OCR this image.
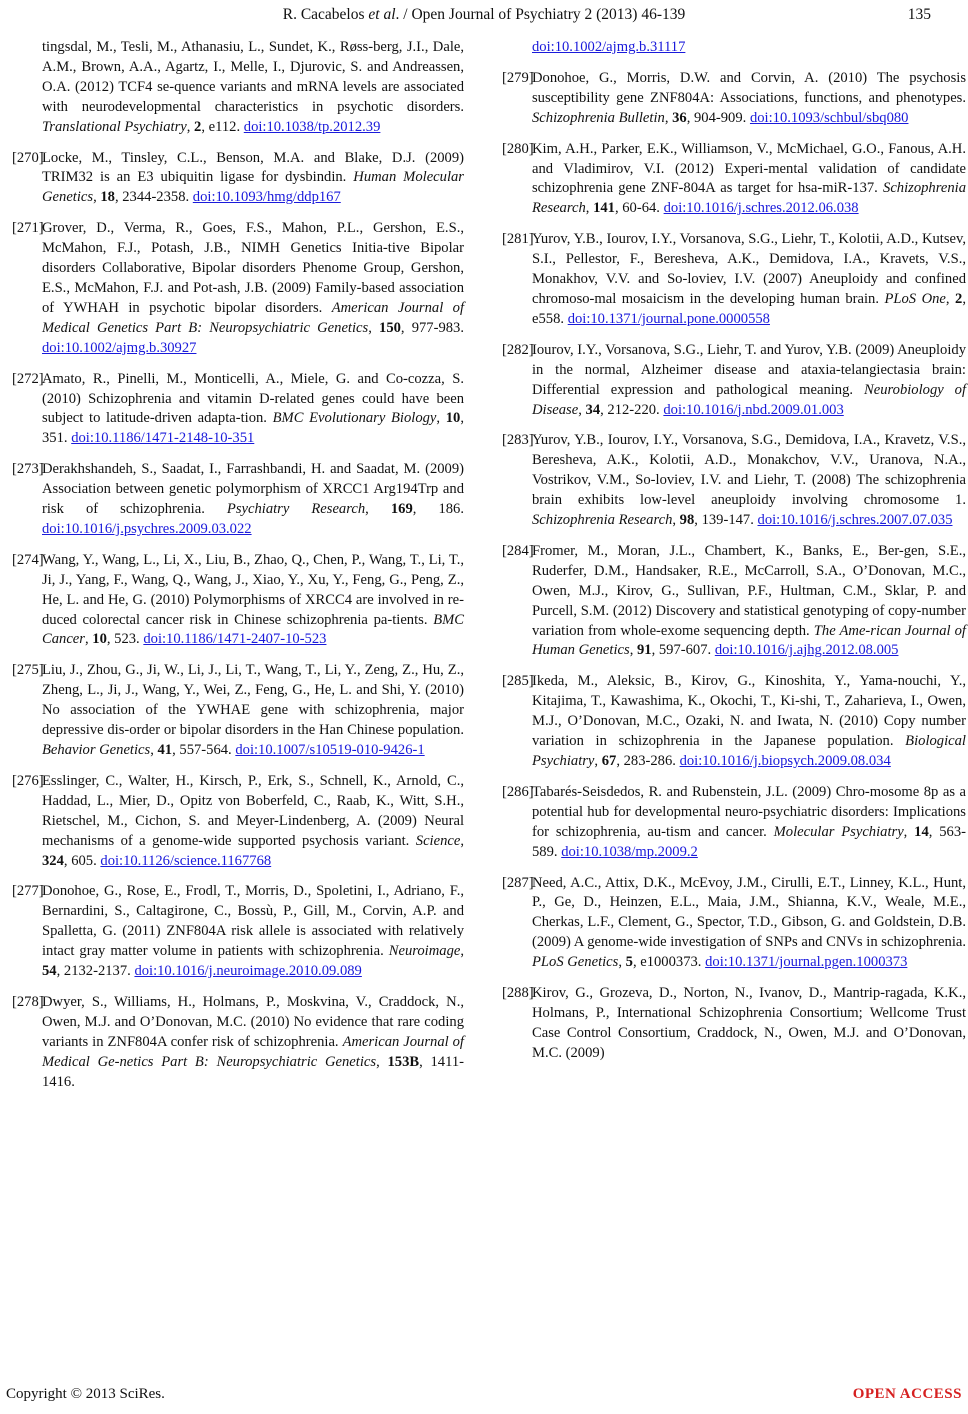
R. Cacabelos et al. / Open Journal of Psychiatry 2 (2013) 46-139	135
tingsdal, M., Tesli, M., Athanasiu, L., Sundet, K., Røss-berg, J.I., Dale, A.M., Brown, A.A., Agartz, I., Melle, I., Djurovic, S. and Andreassen, O.A. (2012) TCF4 se-quence variants and mRNA levels are associated with neurodevelopmental characteristics in psychotic disorders. Translational Psychiatry, 2, e112. doi:10.1038/tp.2012.39
[270]
Locke, M., Tinsley, C.L., Benson, M.A. and Blake, D.J. (2009) TRIM32 is an E3 ubiquitin ligase for dysbindin. Human Molecular Genetics, 18, 2344-2358. doi:10.1093/hmg/ddp167
[271]
Grover, D., Verma, R., Goes, F.S., Mahon, P.L., Gershon, E.S., McMahon, F.J., Potash, J.B., NIMH Genetics Initia-tive Bipolar disorders Collaborative, Bipolar disorders Phenome Group, Gershon, E.S., McMahon, F.J. and Pot-ash, J.B. (2009) Family-based association of YWHAH in psychotic bipolar disorders. American Journal of Medical Genetics Part B: Neuropsychiatric Genetics, 150, 977-983. doi:10.1002/ajmg.b.30927
[272]
Amato, R., Pinelli, M., Monticelli, A., Miele, G. and Co-cozza, S. (2010) Schizophrenia and vitamin D-related genes could have been subject to latitude-driven adapta-tion. BMC Evolutionary Biology, 10, 351. doi:10.1186/1471-2148-10-351
[273]
Derakhshandeh, S., Saadat, I., Farrashbandi, H. and Saadat, M. (2009) Association between genetic polymorphism of XRCC1 Arg194Trp and risk of schizophrenia. Psychiatry Research, 169, 186. doi:10.1016/j.psychres.2009.03.022
[274]
Wang, Y., Wang, L., Li, X., Liu, B., Zhao, Q., Chen, P., Wang, T., Li, T., Ji, J., Yang, F., Wang, Q., Wang, J., Xiao, Y., Xu, Y., Feng, G., Peng, Z., He, L. and He, G. (2010) Polymorphisms of XRCC4 are involved in re-duced colorectal cancer risk in Chinese schizophrenia pa-tients. BMC Cancer, 10, 523. doi:10.1186/1471-2407-10-523
[275]
Liu, J., Zhou, G., Ji, W., Li, J., Li, T., Wang, T., Li, Y., Zeng, Z., Hu, Z., Zheng, L., Ji, J., Wang, Y., Wei, Z., Feng, G., He, L. and Shi, Y. (2010) No association of the YWHAE gene with schizophrenia, major depressive dis-order or bipolar disorders in the Han Chinese population. Behavior Genetics, 41, 557-564. doi:10.1007/s10519-010-9426-1
[276]
Esslinger, C., Walter, H., Kirsch, P., Erk, S., Schnell, K., Arnold, C., Haddad, L., Mier, D., Opitz von Boberfeld, C., Raab, K., Witt, S.H., Rietschel, M., Cichon, S. and Meyer-Lindenberg, A. (2009) Neural mechanisms of a genome-wide supported psychosis variant. Science, 324, 605. doi:10.1126/science.1167768
[277]
Donohoe, G., Rose, E., Frodl, T., Morris, D., Spoletini, I., Adriano, F., Bernardini, S., Caltagirone, C., Bossù, P., Gill, M., Corvin, A.P. and Spalletta, G. (2011) ZNF804A risk allele is associated with relatively intact gray matter volume in patients with schizophrenia. Neuroimage, 54, 2132-2137. doi:10.1016/j.neuroimage.2010.09.089
[278]
Dwyer, S., Williams, H., Holmans, P., Moskvina, V., Craddock, N., Owen, M.J. and O’Donovan, M.C. (2010) No evidence that rare coding variants in ZNF804A confer risk of schizophrenia. American Journal of Medical Ge-netics Part B: Neuropsychiatric Genetics, 153B, 1411-1416.
doi:10.1002/ajmg.b.31117
[279]
Donohoe, G., Morris, D.W. and Corvin, A. (2010) The psychosis susceptibility gene ZNF804A: Associations, functions, and phenotypes. Schizophrenia Bulletin, 36, 904-909. doi:10.1093/schbul/sbq080
[280]
Kim, A.H., Parker, E.K., Williamson, V., McMichael, G.O., Fanous, A.H. and Vladimirov, V.I. (2012) Experi-mental validation of candidate schizophrenia gene ZNF-804A as target for hsa-miR-137. Schizophrenia Research, 141, 60-64. doi:10.1016/j.schres.2012.06.038
[281]
Yurov, Y.B., Iourov, I.Y., Vorsanova, S.G., Liehr, T., Kolotii, A.D., Kutsev, S.I., Pellestor, F., Beresheva, A.K., Demidova, I.A., Kravets, V.S., Monakhov, V.V. and So-loviev, I.V. (2007) Aneuploidy and confined chromoso-mal mosaicism in the developing human brain. PLoS One, 2, e558. doi:10.1371/journal.pone.0000558
[282]
Iourov, I.Y., Vorsanova, S.G., Liehr, T. and Yurov, Y.B. (2009) Aneuploidy in the normal, Alzheimer disease and ataxia-telangiectasia brain: Differential expression and pathological meaning. Neurobiology of Disease, 34, 212-220. doi:10.1016/j.nbd.2009.01.003
[283]
Yurov, Y.B., Iourov, I.Y., Vorsanova, S.G., Demidova, I.A., Kravetz, V.S., Beresheva, A.K., Kolotii, A.D., Monakchov, V.V., Uranova, N.A., Vostrikov, V.M., So-loviev, I.V. and Liehr, T. (2008) The schizophrenia brain exhibits low-level aneuploidy involving chromosome 1. Schizophrenia Research, 98, 139-147. doi:10.1016/j.schres.2007.07.035
[284]
Fromer, M., Moran, J.L., Chambert, K., Banks, E., Ber-gen, S.E., Ruderfer, D.M., Handsaker, R.E., McCarroll, S.A., O’Donovan, M.C., Owen, M.J., Kirov, G., Sullivan, P.F., Hultman, C.M., Sklar, P. and Purcell, S.M. (2012) Discovery and statistical genotyping of copy-number variation from whole-exome sequencing depth. The Ame-rican Journal of Human Genetics, 91, 597-607. doi:10.1016/j.ajhg.2012.08.005
[285]
Ikeda, M., Aleksic, B., Kirov, G., Kinoshita, Y., Yama-nouchi, Y., Kitajima, T., Kawashima, K., Okochi, T., Ki-shi, T., Zaharieva, I., Owen, M.J., O’Donovan, M.C., Ozaki, N. and Iwata, N. (2010) Copy number variation in schizophrenia in the Japanese population. Biological Psychiatry, 67, 283-286. doi:10.1016/j.biopsych.2009.08.034
[286]
Tabarés-Seisdedos, R. and Rubenstein, J.L. (2009) Chro-mosome 8p as a potential hub for developmental neuro-psychiatric disorders: Implications for schizophrenia, au-tism and cancer. Molecular Psychiatry, 14, 563-589. doi:10.1038/mp.2009.2
[287]
Need, A.C., Attix, D.K., McEvoy, J.M., Cirulli, E.T., Linney, K.L., Hunt, P., Ge, D., Heinzen, E.L., Maia, J.M., Shianna, K.V., Weale, M.E., Cherkas, L.F., Clement, G., Spector, T.D., Gibson, G. and Goldstein, D.B. (2009) A genome-wide investigation of SNPs and CNVs in schizophrenia. PLoS Genetics, 5, e1000373. doi:10.1371/journal.pgen.1000373
[288]
Kirov, G., Grozeva, D., Norton, N., Ivanov, D., Mantrip-ragada, K.K., Holmans, P., International Schizophrenia Consortium; Wellcome Trust Case Control Consortium, Craddock, N., Owen, M.J. and O’Donovan, M.C. (2009)
Copyright © 2013 SciRes.	OPEN ACCESS
